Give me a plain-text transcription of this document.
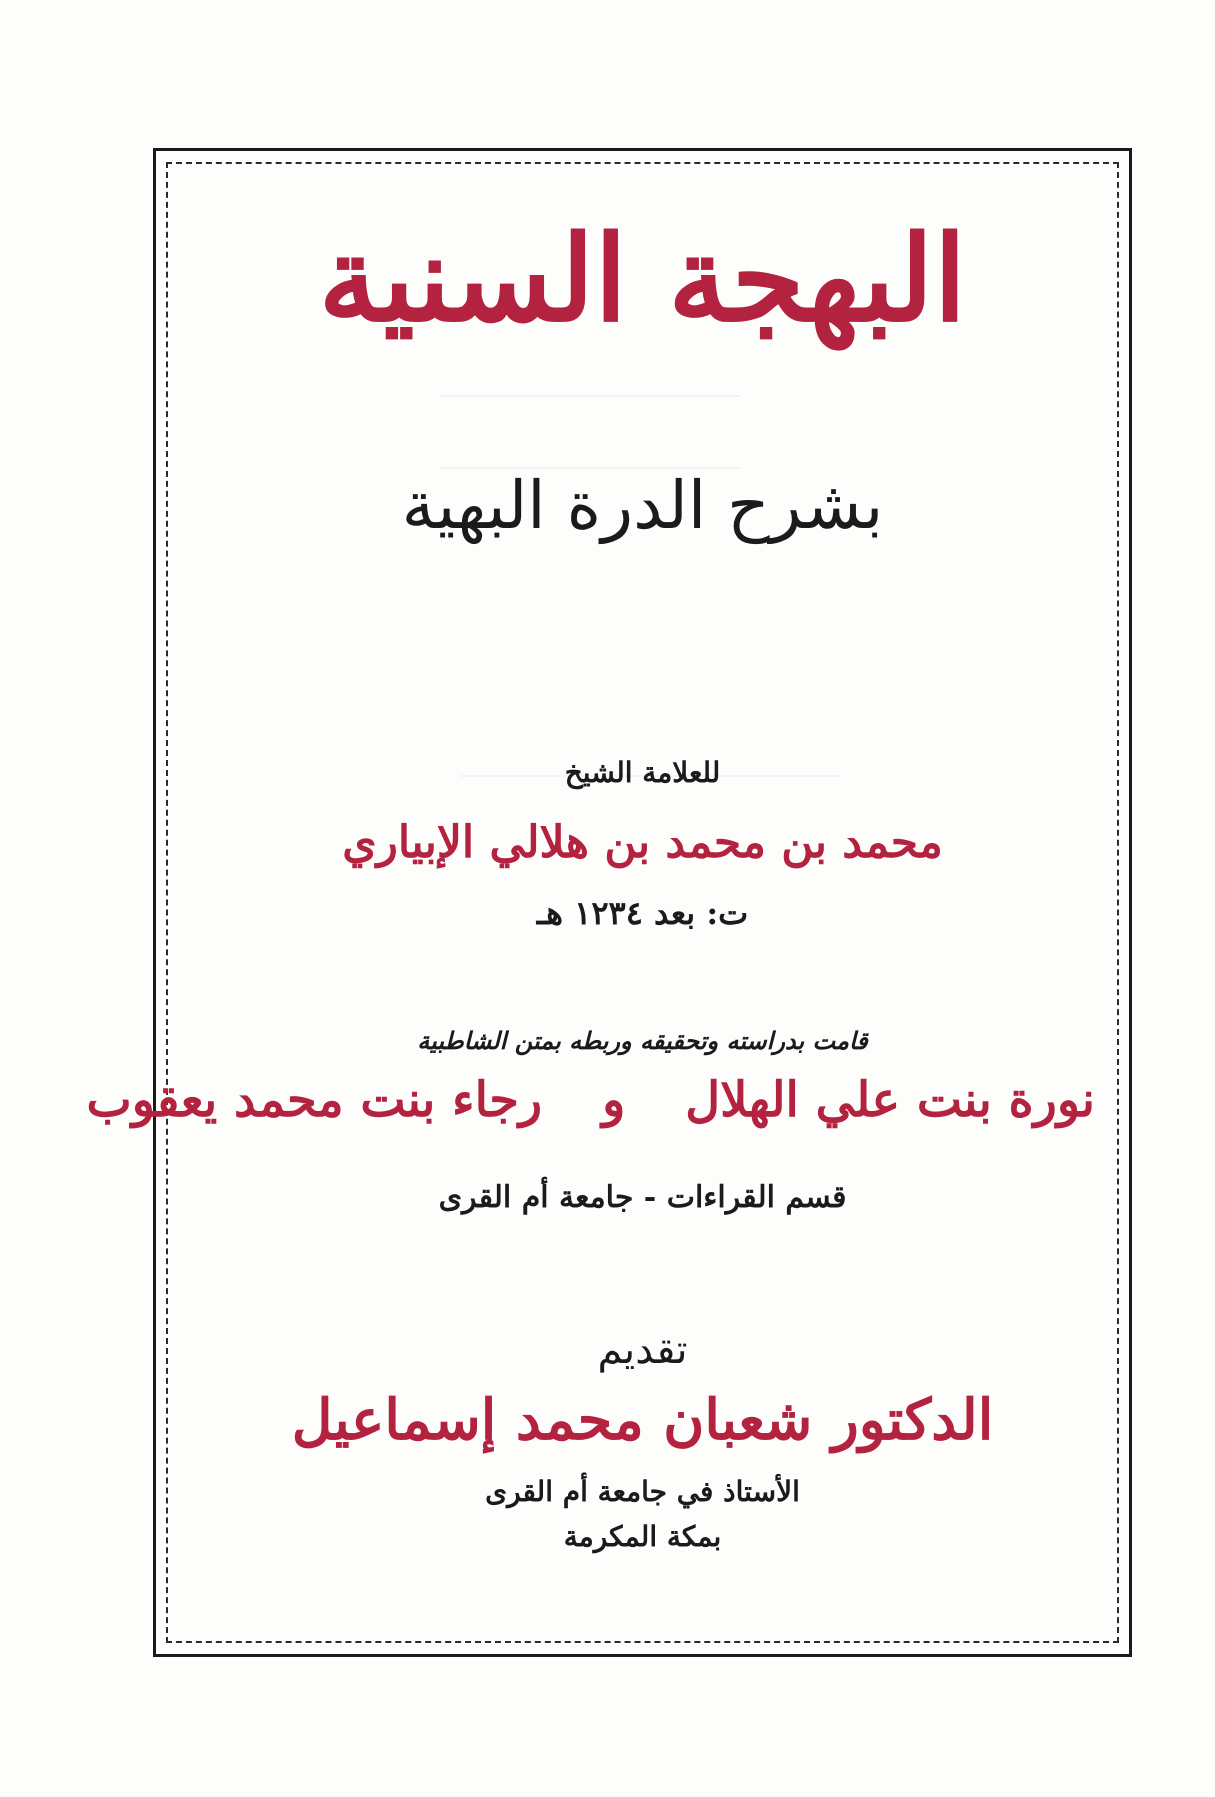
البهجة السنية

بشرح الدرة البهية

للعلامة الشيخ

محمد بن محمد بن هلالي الإبياري

ت: بعد ١٢٣٤ هـ

قامت بدراسته وتحقيقه وربطه بمتن الشاطبية

نورة بنت علي الهلالورجاء بنت محمد يعقوب

قسم القراءات - جامعة أم القرى

تقديم

الدكتور شعبان محمد إسماعيل

الأستاذ في جامعة أم القرى

بمكة المكرمة
